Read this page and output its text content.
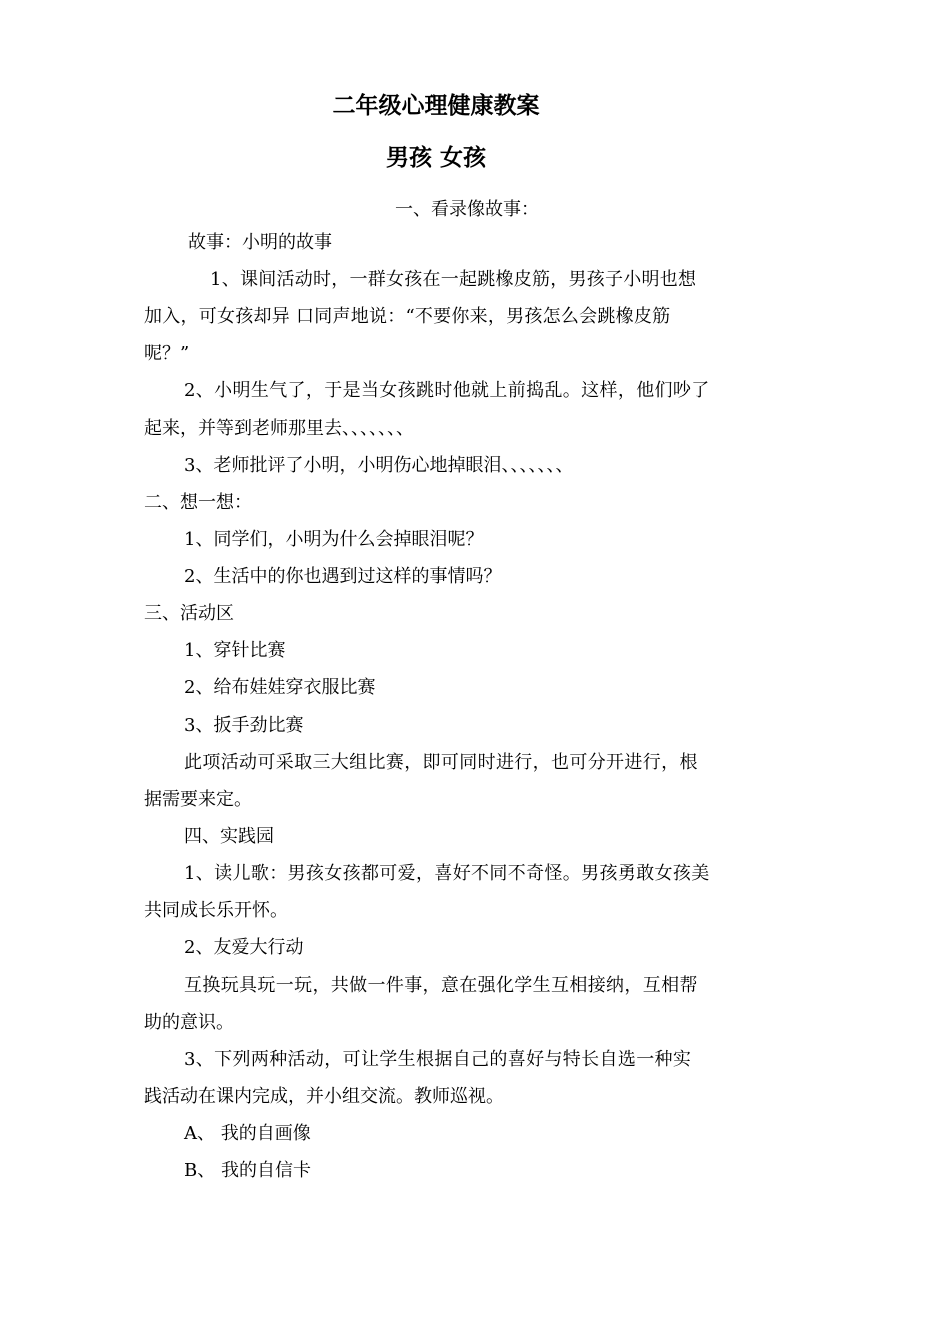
二年级心理健康教案
男孩 女孩
一、看录像故事：
故事：小明的故事
1、课间活动时，一群女孩在一起跳橡皮筋，男孩子小明也想
加入，可女孩却异 口同声地说：“不要你来，男孩怎么会跳橡皮筋
呢？”
2、小明生气了，于是当女孩跳时他就上前捣乱。这样，他们吵了
起来，并等到老师那里去、、、、、、、
3、老师批评了小明，小明伤心地掉眼泪、、、、、、、
二、想一想：
1、同学们，小明为什么会掉眼泪呢？
2、生活中的你也遇到过这样的事情吗？
三、活动区
1、穿针比赛
2、给布娃娃穿衣服比赛
3、扳手劲比赛
此项活动可采取三大组比赛，即可同时进行，也可分开进行，根
据需要来定。
四、实践园
1、读儿歌：男孩女孩都可爱，喜好不同不奇怪。男孩勇敢女孩美
共同成长乐开怀。
2、友爱大行动
互换玩具玩一玩，共做一件事，意在强化学生互相接纳，互相帮
助的意识。
3、下列两种活动，可让学生根据自己的喜好与特长自选一种实
践活动在课内完成，并小组交流。教师巡视。
A、 我的自画像
B、 我的自信卡
